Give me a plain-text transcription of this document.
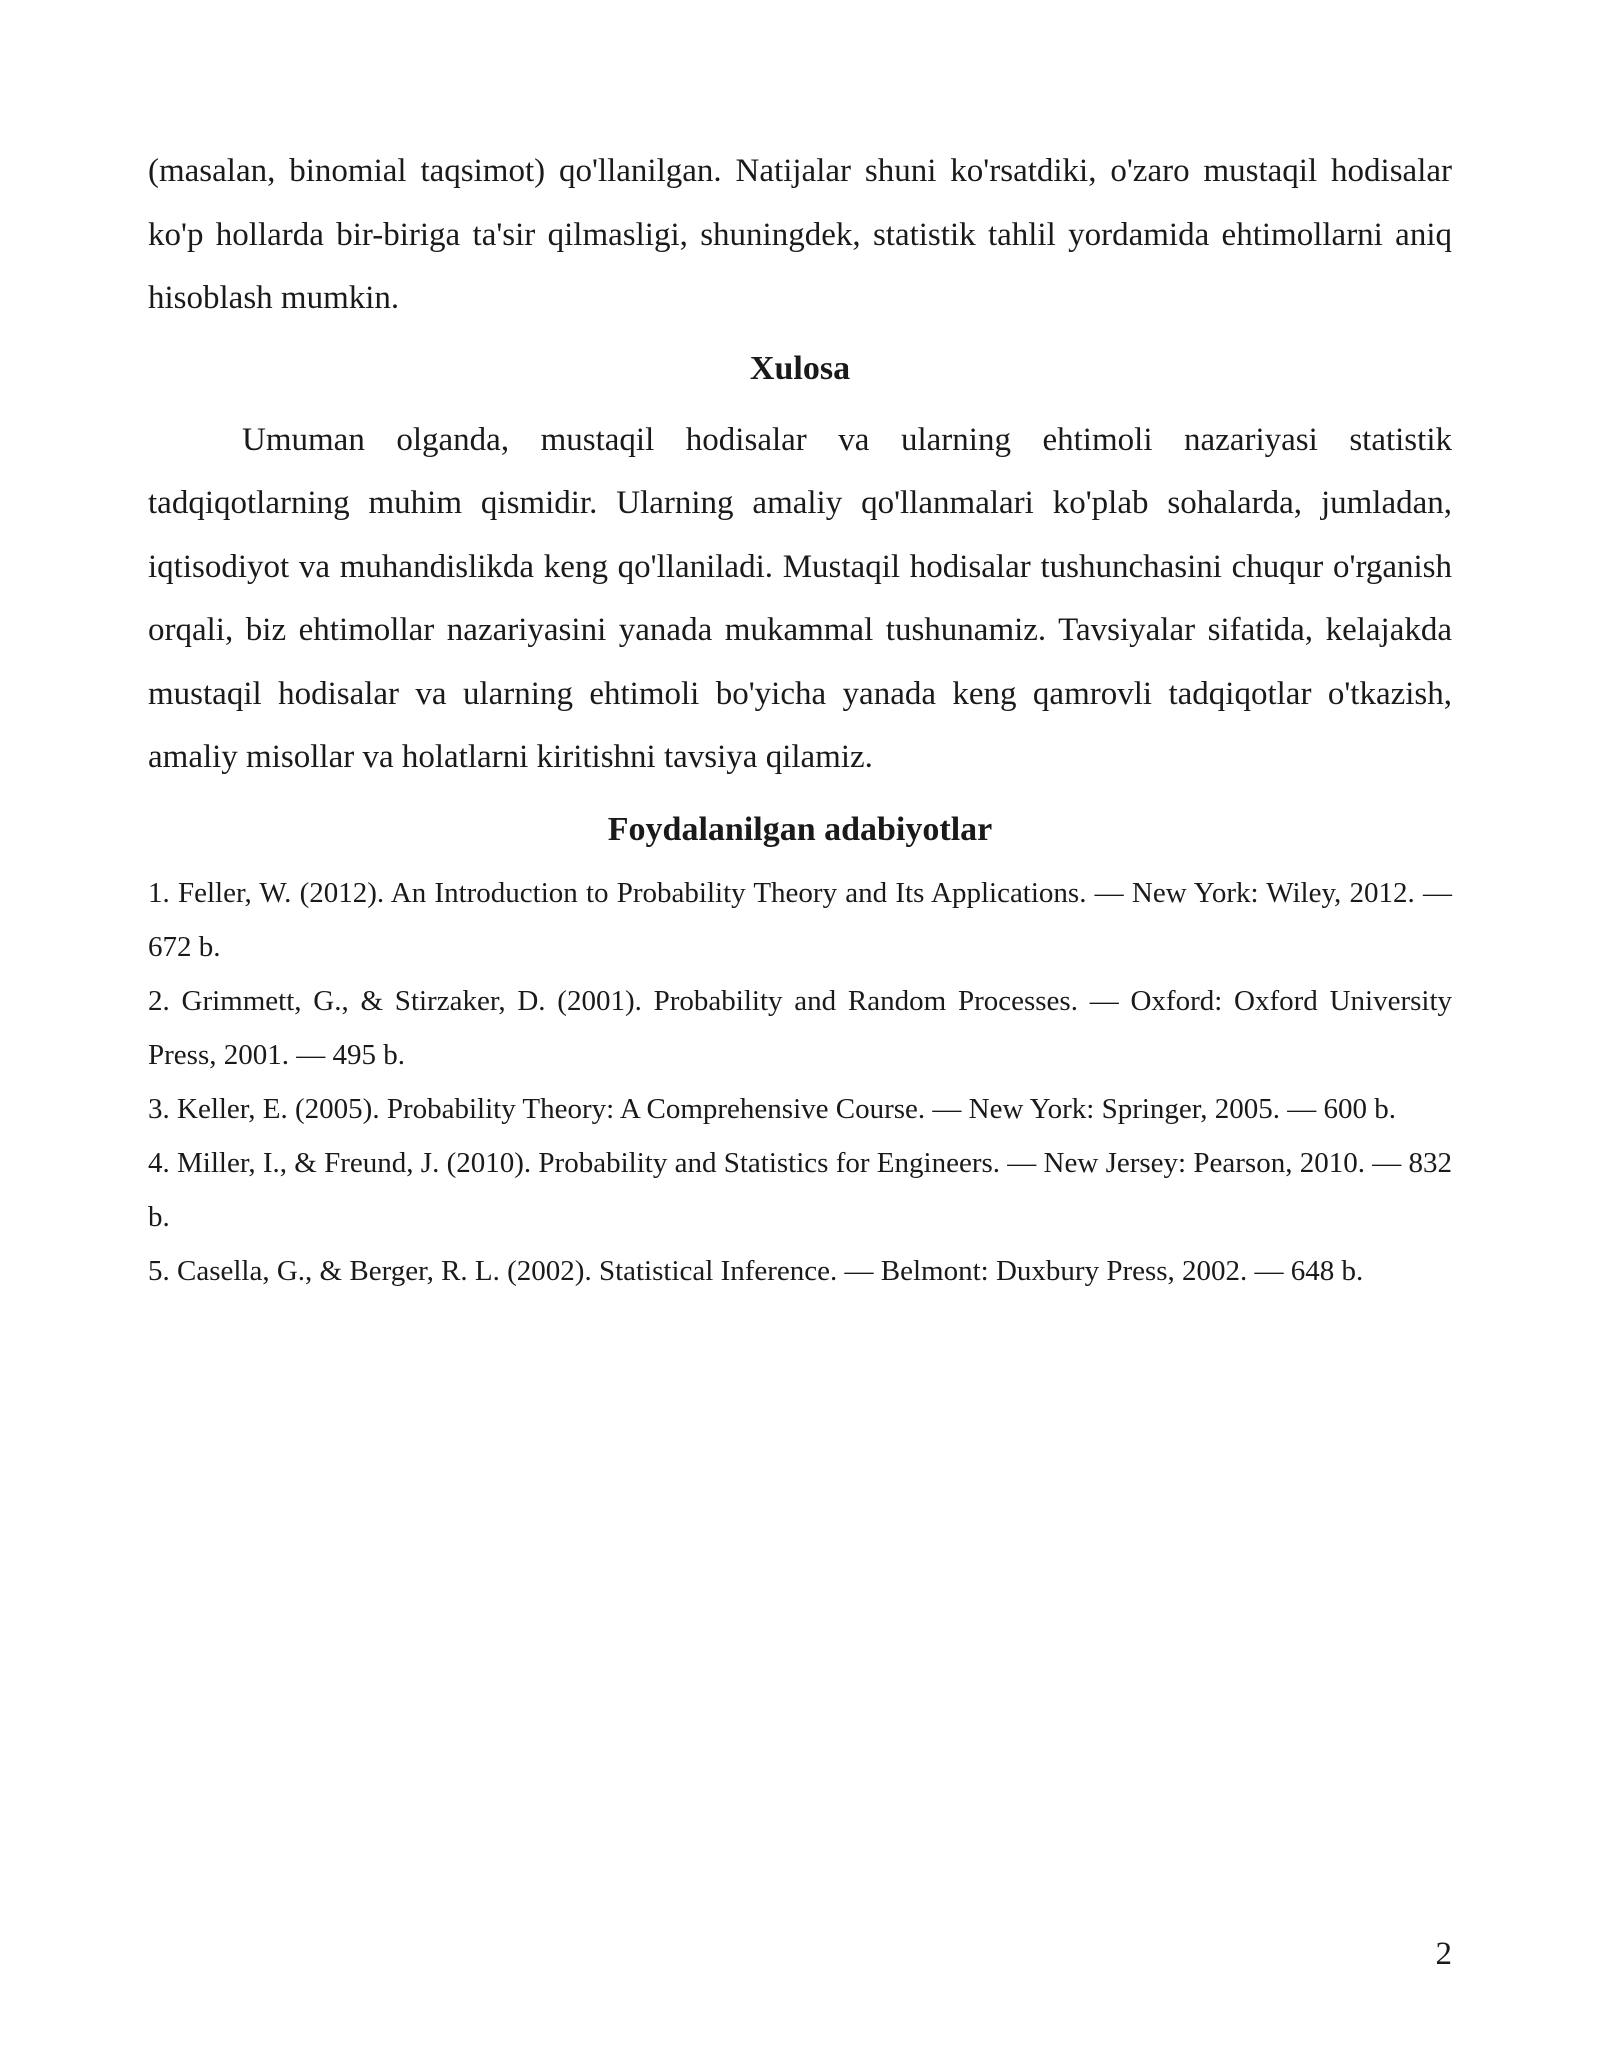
(masalan, binomial taqsimot) qo'llanilgan. Natijalar shuni ko'rsatdiki, o'zaro mustaqil hodisalar ko'p hollarda bir-biriga ta'sir qilmasligi, shuningdek, statistik tahlil yordamida ehtimollarni aniq hisoblash mumkin.

Xulosa

Umuman olganda, mustaqil hodisalar va ularning ehtimoli nazariyasi statistik tadqiqotlarning muhim qismidir. Ularning amaliy qo'llanmalari ko'plab sohalarda, jumladan, iqtisodiyot va muhandislikda keng qo'llaniladi. Mustaqil hodisalar tushunchasini chuqur o'rganish orqali, biz ehtimollar nazariyasini yanada mukammal tushunamiz. Tavsiyalar sifatida, kelajakda mustaqil hodisalar va ularning ehtimoli bo'yicha yanada keng qamrovli tadqiqotlar o'tkazish, amaliy misollar va holatlarni kiritishni tavsiya qilamiz.

Foydalanilgan adabiyotlar
1. Feller, W. (2012). An Introduction to Probability Theory and Its Applications. — New York: Wiley, 2012. — 672 b.
2. Grimmett, G., & Stirzaker, D. (2001). Probability and Random Processes. — Oxford: Oxford University Press, 2001. — 495 b.
3. Keller, E. (2005). Probability Theory: A Comprehensive Course. — New York: Springer, 2005. — 600 b.
4. Miller, I., & Freund, J. (2010). Probability and Statistics for Engineers. — New Jersey: Pearson, 2010. — 832 b.
5. Casella, G., & Berger, R. L. (2002). Statistical Inference. — Belmont: Duxbury Press, 2002. — 648 b.
2
